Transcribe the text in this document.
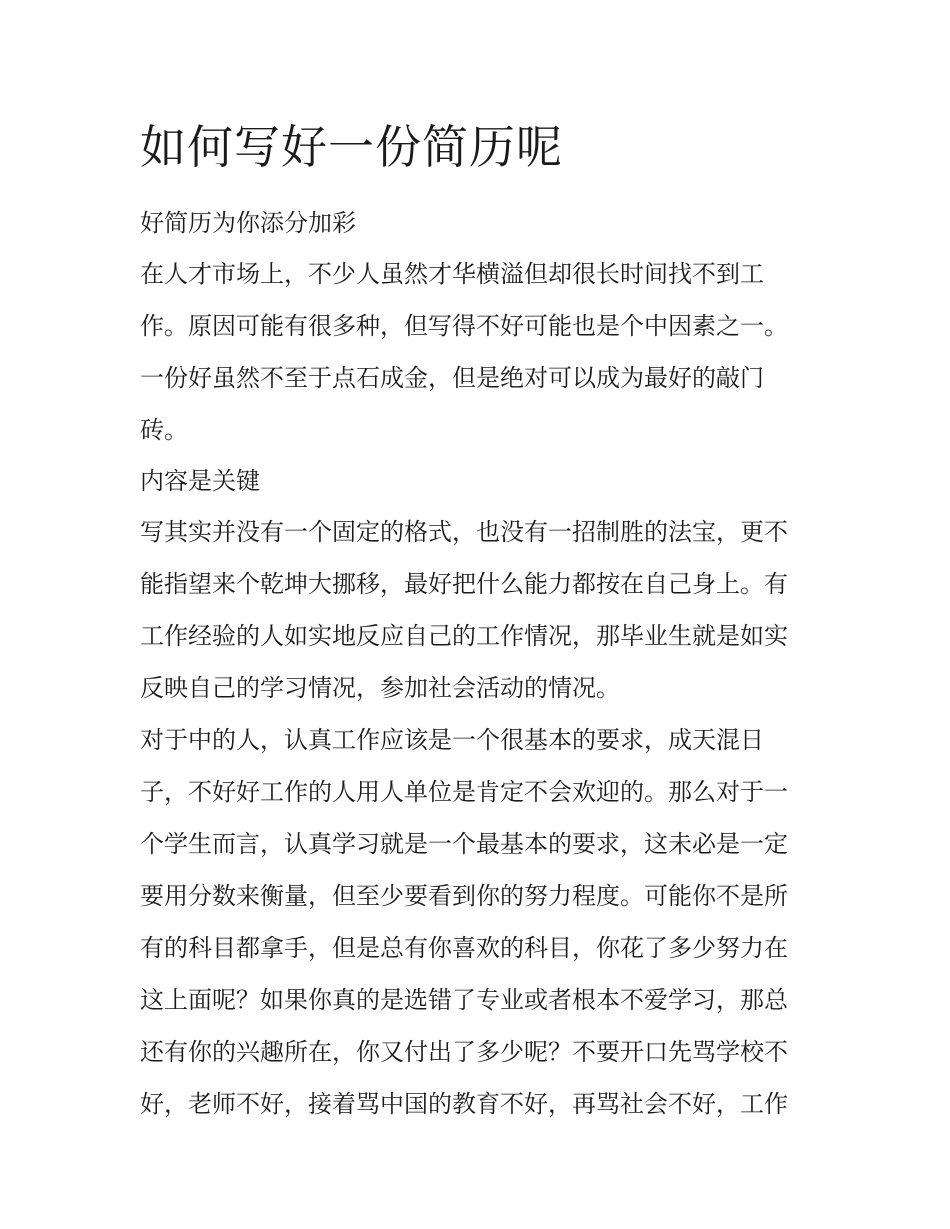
如何写好一份简历呢
好简历为你添分加彩

在人才市场上，不少人虽然才华横溢但却很长时间找不到工
作。原因可能有很多种，但写得不好可能也是个中因素之一。
一份好虽然不至于点石成金，但是绝对可以成为最好的敲门
砖。

内容是关键

写其实并没有一个固定的格式，也没有一招制胜的法宝，更不
能指望来个乾坤大挪移，最好把什么能力都按在自己身上。有
工作经验的人如实地反应自己的工作情况，那毕业生就是如实
反映自己的学习情况，参加社会活动的情况。

对于中的人，认真工作应该是一个很基本的要求，成天混日
子，不好好工作的人用人单位是肯定不会欢迎的。那么对于一
个学生而言，认真学习就是一个最基本的要求，这未必是一定
要用分数来衡量，但至少要看到你的努力程度。可能你不是所
有的科目都拿手，但是总有你喜欢的科目，你花了多少努力在
这上面呢？如果你真的是选错了专业或者根本不爱学习，那总
还有你的兴趣所在，你又付出了多少呢？不要开口先骂学校不
好，老师不好，接着骂中国的教育不好，再骂社会不好，工作
